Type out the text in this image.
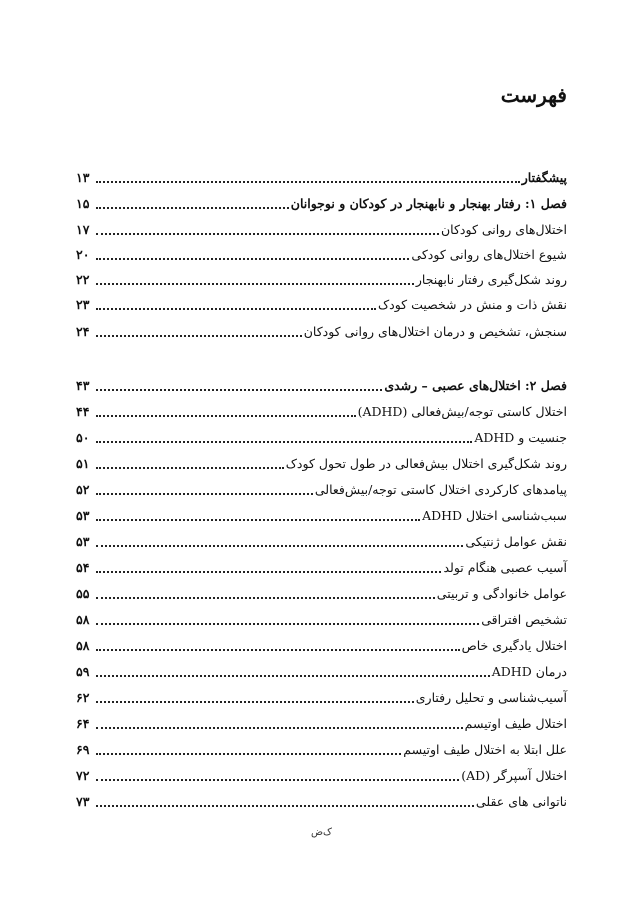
فهرست
پیشگفتار
۱۳
فصل ۱: رفتار بهنجار و نابهنجار در کودکان و نوجوانان
۱۵
اختلال‌های روانی کودکان
۱۷
شیوع اختلال‌های روانی کودکی
۲۰
روند شکل‌گیری رفتار نابهنجار
۲۲
نقش ذات و منش در شخصیت کودک
۲۳
سنجش، تشخیص و درمان اختلال‌های روانی کودکان
۲۴
فصل ۲: اختلال‌های عصبی – رشدی
۴۳
اختلال کاستی توجه/بیش‌فعالی (ADHD)
۴۴
جنسیت و ADHD
۵۰
روند شکل‌گیری اختلال بیش‌فعالی در طول تحول کودک
۵۱
پیامدهای کارکردی اختلال کاستی توجه/بیش‌فعالی
۵۲
سبب‌شناسی اختلال ADHD
۵۳
نقش عوامل ژنتیکی
۵۳
آسیب عصبی هنگام تولد
۵۴
عوامل خانوادگی و تربیتی
۵۵
تشخیص افتراقی
۵۸
اختلال یادگیری خاص
۵۸
درمان ADHD
۵۹
آسیب‌شناسی و تحلیل رفتاری
۶۲
اختلال طیف اوتیسم
۶۴
علل ابتلا به اختلال طیف اوتیسم
۶۹
اختلال آسپرگر (AD)
۷۲
ناتوانی های عقلی
۷۳
ک‌ض
